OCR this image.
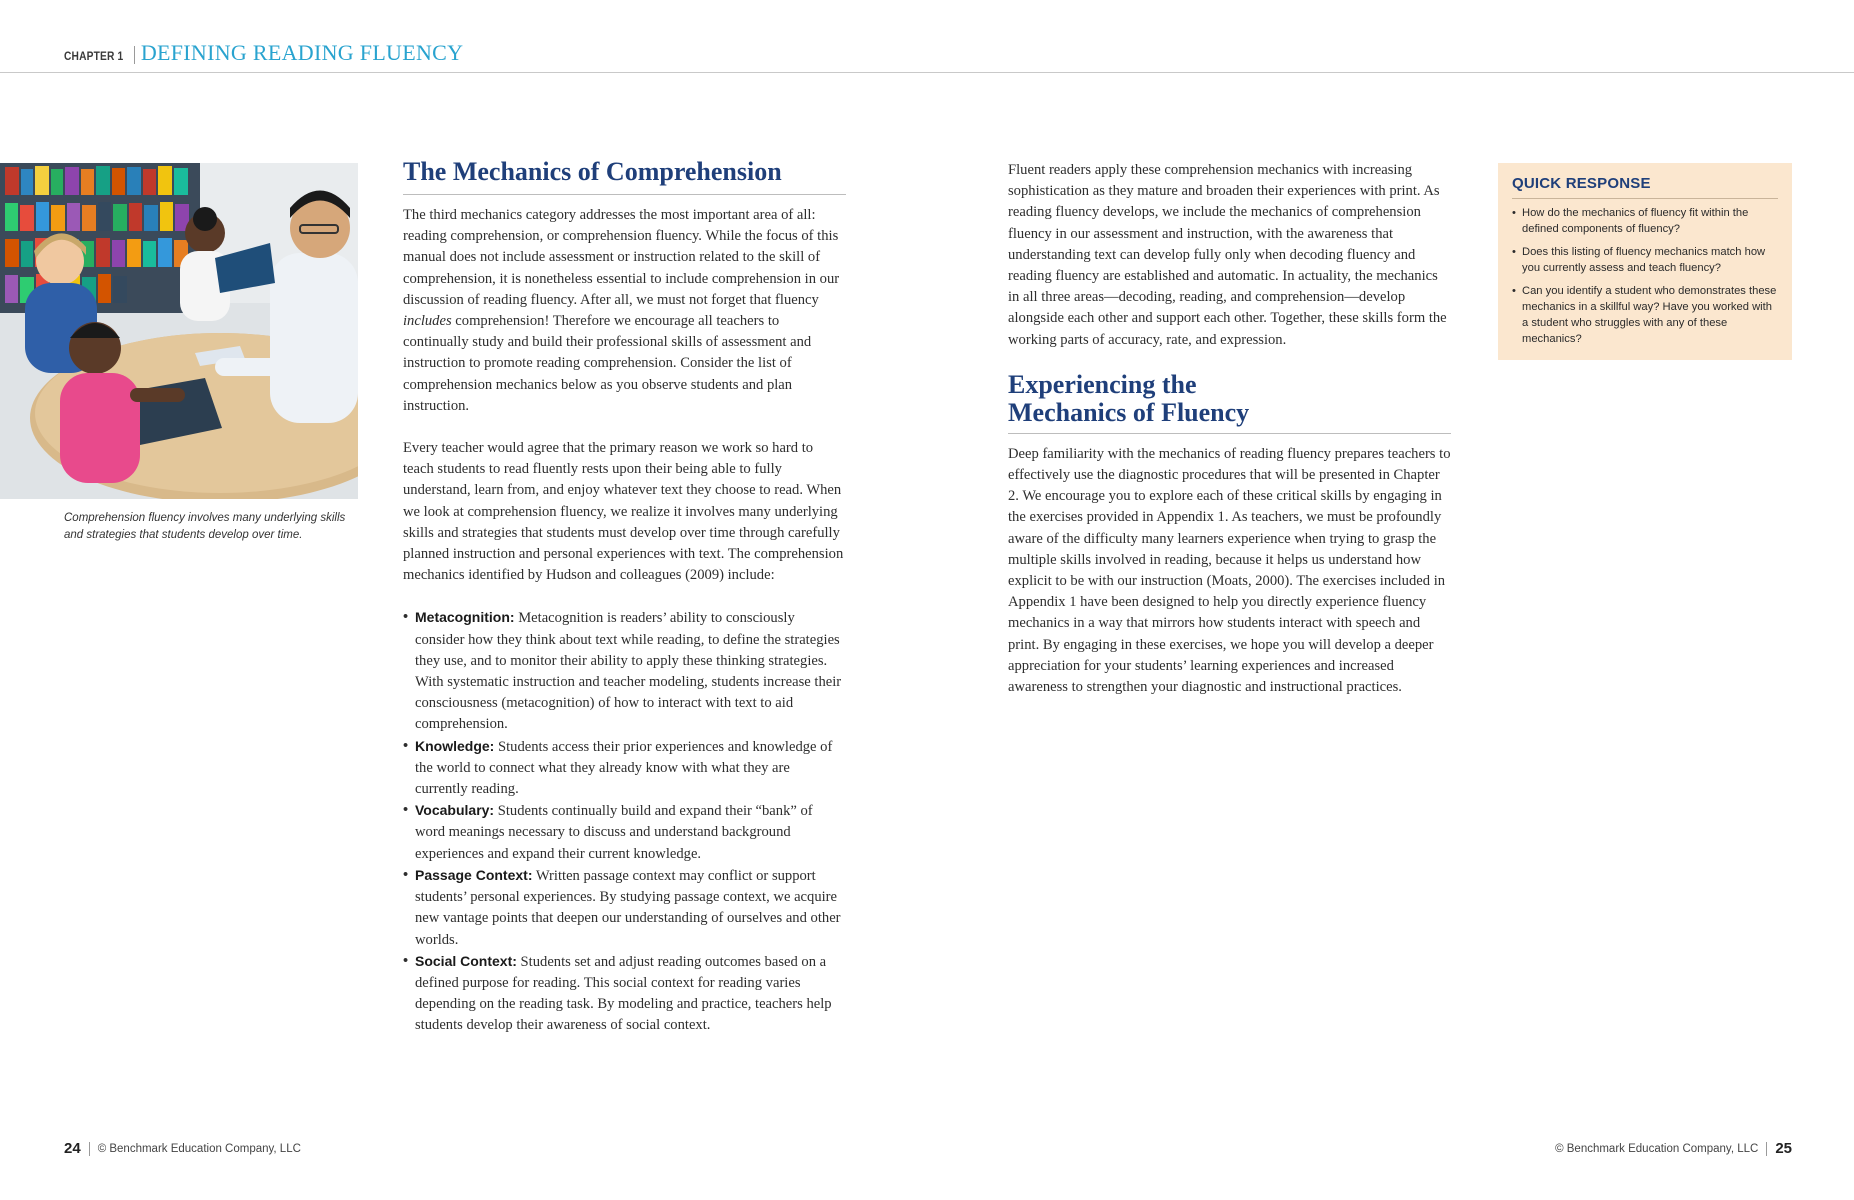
CHAPTER 1 DEFINING READING FLUENCY
Comprehension fluency involves many underlying skills and strategies that students develop over time.
The Mechanics of Comprehension

The third mechanics category addresses the most important area of all: reading comprehension, or comprehension fluency. While the focus of this manual does not include assessment or instruction related to the skill of comprehension, it is nonetheless essential to include comprehension in our discussion of reading fluency. After all, we must not forget that fluency includes comprehension! Therefore we encourage all teachers to continually study and build their professional skills of assessment and instruction to promote reading comprehension. Consider the list of comprehension mechanics below as you observe students and plan instruction.

Every teacher would agree that the primary reason we work so hard to teach students to read fluently rests upon their being able to fully understand, learn from, and enjoy whatever text they choose to read. When we look at comprehension fluency, we realize it involves many underlying skills and strategies that students must develop over time through carefully planned instruction and personal experiences with text. The comprehension mechanics identified by Hudson and colleagues (2009) include:

• Metacognition: Metacognition is readers’ ability to consciously consider how they think about text while reading, to define the strategies they use, and to monitor their ability to apply these thinking strategies. With systematic instruction and teacher modeling, students increase their consciousness (metacognition) of how to interact with text to aid comprehension.
• Knowledge: Students access their prior experiences and knowledge of the world to connect what they already know with what they are currently reading.
• Vocabulary: Students continually build and expand their “bank” of word meanings necessary to discuss and understand background experiences and expand their current knowledge.
• Passage Context: Written passage context may conflict or support students’ personal experiences. By studying passage context, we acquire new vantage points that deepen our understanding of ourselves and other worlds.
• Social Context: Students set and adjust reading outcomes based on a defined purpose for reading. This social context for reading varies depending on the reading task. By modeling and practice, teachers help students develop their awareness of social context.

Fluent readers apply these comprehension mechanics with increasing sophistication as they mature and broaden their experiences with print. As reading fluency develops, we include the mechanics of comprehension fluency in our assessment and instruction, with the awareness that understanding text can develop fully only when decoding fluency and reading fluency are established and automatic. In actuality, the mechanics in all three areas—decoding, reading, and comprehension—develop alongside each other and support each other. Together, these skills form the working parts of accuracy, rate, and expression.

Experiencing the
Mechanics of Fluency

Deep familiarity with the mechanics of reading fluency prepares teachers to effectively use the diagnostic procedures that will be presented in Chapter 2. We encourage you to explore each of these critical skills by engaging in the exercises provided in Appendix 1. As teachers, we must be profoundly aware of the difficulty many learners experience when trying to grasp the multiple skills involved in reading, because it helps us understand how explicit to be with our instruction (Moats, 2000). The exercises included in Appendix 1 have been designed to help you directly experience fluency mechanics in a way that mirrors how students interact with speech and print. By engaging in these exercises, we hope you will develop a deeper appreciation for your students’ learning experiences and increased awareness to strengthen your diagnostic and instructional practices.

QUICK RESPONSE
• How do the mechanics of fluency fit within the defined components of fluency?
• Does this listing of fluency mechanics match how you currently assess and teach fluency?
• Can you identify a student who demonstrates these mechanics in a skillful way? Have you worked with a student who struggles with any of these mechanics?
24 © Benchmark Education Company, LLC	© Benchmark Education Company, LLC 25
